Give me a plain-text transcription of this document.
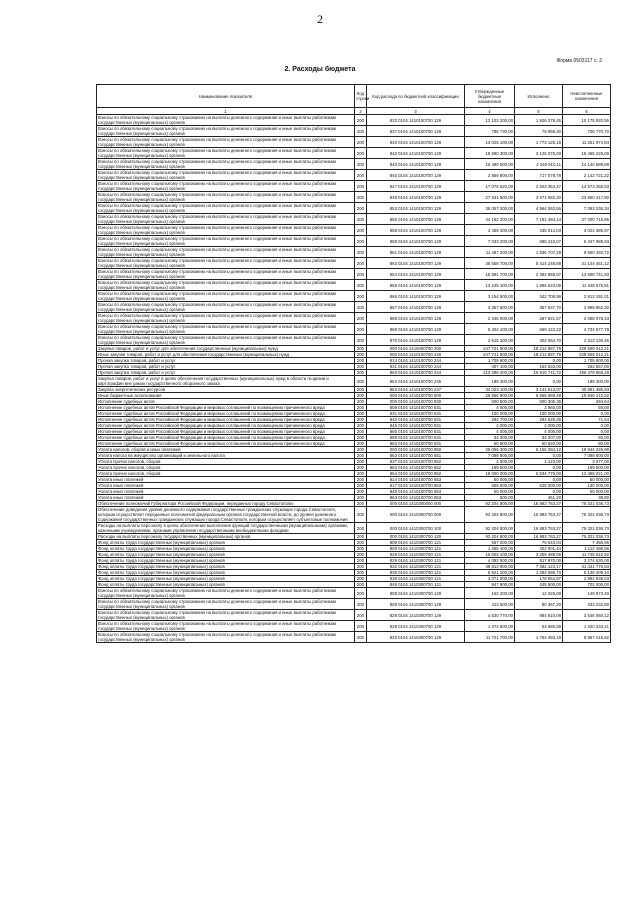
2
Форма 0503117 с. 2
2. Расходы бюджета
Наименование показателя	Код строки	Код расхода по бюджетной классификации	Утвержденные бюджетные назначения	Исполнено	Неисполненные назначения
1	2	3	4	5	6
Взносы по обязательному социальному страхованию на выплаты денежного содержания и иные выплаты работникам государственных (муниципальных) органов	200	833 0104 1410100700 129	12 102 200,00	1 926 279,45	10 175 920,55
Взносы по обязательному социальному страхованию на выплаты денежного содержания и иные выплаты работникам государственных (муниципальных) органов	200	837 0104 1410100700 129	786 730,00	79 959,30	706 770,70
Взносы по обязательному социальному страхованию на выплаты денежного содержания и иные выплаты работникам государственных (муниципальных) органов	200	840 0104 1410100700 129	13 025 100,00	1 773 125,16	11 251 974,84
Взносы по обязательному социальному страхованию на выплаты денежного содержания и иные выплаты работникам государственных (муниципальных) органов	200	842 0104 1410100700 129	18 590 300,00	3 125 075,00	15 465 225,00
Взносы по обязательному социальному страхованию на выплаты денежного содержания и иные выплаты работникам государственных (муниципальных) органов	200	843 0104 1410100700 129	16 490 600,00	2 349 910,11	14 140 689,89
Взносы по обязательному социальному страхованию на выплаты денежного содержания и иные выплаты работникам государственных (муниципальных) органов	200	846 0104 1410100700 129	2 859 800,00	717 078,78	2 142 721,22
Взносы по обязательному социальному страхованию на выплаты денежного содержания и иные выплаты работникам государственных (муниципальных) органов	200	847 0104 1410100700 129	17 076 620,00	2 503 354,47	14 573 265,53
Взносы по обязательному социальному страхованию на выплаты денежного содержания и иные выплаты работникам государственных (муниципальных) органов	200	848 0104 1410100700 129	27 531 500,00	3 671 082,20	23 860 417,80
Взносы по обязательному социальному страхованию на выплаты денежного содержания и иные выплаты работникам государственных (муниципальных) органов	200	853 0104 1410100700 129	35 057 300,00	4 964 063,66	7 093 236,34
Взносы по обязательному социальному страхованию на выплаты денежного содержания и иные выплаты работникам государственных (муниципальных) органов	200	855 0104 1410100700 129	44 192 200,00	7 191 484,14	37 000 715,86
Взносы по обязательному социальному страхованию на выплаты денежного содержания и иные выплаты работникам государственных (муниципальных) органов	200	858 0104 1410100700 129	3 459 400,00	435 014,03	3 024 385,97
Взносы по обязательному социальному страхованию на выплаты денежного содержания и иные выплаты работникам государственных (муниципальных) органов	200	859 0104 1410100700 129	7 033 200,00	585 210,07	6 447 989,93
Взносы по обязательному социальному страхованию на выплаты денежного содержания и иные выплаты работникам государственных (муниципальных) органов	200	861 0104 1410100700 129	11 487 200,00	1 836 707,28	9 650 492,72
Взносы по обязательному социальному страхованию на выплаты денежного содержания и иные выплаты работникам государственных (муниципальных) органов	200	863 0104 1410100700 129	36 558 700,00	5 414 248,88	31 144 451,12
Взносы по обязательному социальному страхованию на выплаты денежного содержания и иные выплаты работникам государственных (муниципальных) органов	200	864 0104 1410100700 129	15 891 700,00	2 382 958,07	13 508 741,93
Взносы по обязательному социальному страхованию на выплаты денежного содержания и иные выплаты работникам государственных (муниципальных) органов	200	865 0104 1410100700 129	13 245 100,00	1 896 523,09	11 348 576,91
Взносы по обязательному социальному страхованию на выплаты денежного содержания и иные выплаты работникам государственных (муниципальных) органов	200	866 0104 1410100700 129	3 154 900,00	342 708,99	2 812 191,01
Взносы по обязательному социальному страхованию на выплаты денежного содержания и иные выплаты работникам государственных (муниципальных) органов	200	867 0104 1410100700 129	3 357 600,00	357 637,70	2 999 962,30
Взносы по обязательному социальному страхованию на выплаты денежного содержания и иные выплаты работникам государственных (муниципальных) органов	200	868 0104 1410100700 129	2 346 000,00	287 921,57	2 058 078,43
Взносы по обязательному социальному страхованию на выплаты денежного содержания и иные выплаты работникам государственных (муниципальных) органов	200	869 0104 1410100700 129	5 404 100,00	669 422,22	4 734 677,78
Взносы по обязательному социальному страхованию на выплаты денежного содержания и иные выплаты работникам государственных (муниципальных) органов	200	870 0104 1410100700 129	2 615 300,00	302 064,70	2 313 135,46
Закупка товаров, работ и услуг для обеспечения государственных (муниципальных) нужд	200	000 0104 1415000700 200	247 721 900,00	18 212 887,79	229 509 012,21
Иные закупки товаров, работ и услуг для обеспечения государственных (муниципальных) нужд	200	000 0104 1410100700 240	247 721 900,00	18 212 887,79	229 509 012,21
Прочая закупка товаров, работ и услуг	200	814 0104 1410100700 244	1 705 900,00	0,00	1 705 900,00
Прочая закупка товаров, работ и услуг	200	831 0104 1410100700 244	407 100,00	154 533,00	252 567,00
Прочая закупка товаров, работ и услуг	200	863 0104 1410100700 244	213 396 400,00	16 916 741,72	196 479 658,28
Закупка товаров, работ и услуг в целях обеспечения государственных (муниципальных) нужд в области геодезии и картографии вне рамок государственного оборонного заказа	200	863 0104 1410100700 245	189 400,00	0,00	189 400,00
Закупка энергетических ресурсов	200	863 0104 1410100700 247	34 023 100,00	3 141 613,07	30 881 486,93
Иные бюджетные ассигнования	200	000 0104 1410100700 800	26 556 900,00	6 656 689,48	19 946 210,52
Исполнение судебных актов	200	000 0104 1410100700 830	500 600,00	500 305,36	294,64
Исполнение судебных актов Российской Федерации и мировых соглашений по возмещению причиненного вреда	200	808 0104 1410100700 831	4 000,00	3 960,00	50,00
Исполнение судебных актов Российской Федерации и мировых соглашений по возмещению причиненного вреда	200	831 0104 1410100700 831	100 000,00	100 000,00	0,00
Исполнение судебных актов Российской Федерации и мировых соглашений по возмещению причиненного вреда	200	840 0104 1410100700 831	294 700,00	294 628,36	71,64
Исполнение судебных актов Российской Федерации и мировых соглашений по возмещению причиненного вреда	200	845 0104 1410100700 831	3 000,00	3 000,00	0,00
Исполнение судебных актов Российской Федерации и мировых соглашений по возмещению причиненного вреда	200	855 0104 1410100700 831	4 000,00	4 000,00	0,00
Исполнение судебных актов Российской Федерации и мировых соглашений по возмещению причиненного вреда	200	859 0104 1410100700 831	34 300,00	34 207,00	93,00
Исполнение судебных актов Российской Федерации и мировых соглашений по возмещению причиненного вреда	200	863 0104 1410100700 831	60 600,00	60 520,00	80,00
Уплата налогов, сборов и иных платежей	200	000 0104 1410100700 850	26 056 300,00	6 156 384,12	19 944 226,98
Уплата налога на имущество организаций и земельного налога	200	863 0104 1410100700 851	7 098 800,00	0,00	7 098 800,00
Уплата прочих налогов, сборов	200	837 0104 1410100700 852	4 500,00	1 123,00	3 377,00
Уплата прочих налогов, сборов	200	863 0104 1410100700 852	199 500,00	0,00	199 500,00
Уплата прочих налогов, сборов	200	864 0104 1410100700 852	18 000 000,00	6 534 779,00	12 465 221,00
Уплата иных платежей	200	814 0104 1410100700 853	50 000,00	0,00	50 000,00
Уплата иных платежей	200	817 0104 1410100700 853	655 000,00	525 000,00	130 000,00
Уплата иных платежей	200	849 0104 1410100700 853	50 000,00	0,00	50 000,00
Уплата иных платежей	200	863 0104 1410100700 853	500,00	461,20	38,80
Обеспечение полномочий Губернатора Российской Федерации, переданных городу Севастополю	200	000 0104 1410300000 000	92 204 800,00	16 883 763,27	75 321 036,73
Обеспечение доведения уровня денежного содержания государственных гражданских служащих города Севастополя, которым осуществляет переданные полномочия федеральным органов государственной власти, до уровня денежного содержания государственных гражданских служащих города Севастополя, которым осуществляет субъектовые полномочия	200	000 0104 1410300700 000	92 204 800,00	16 883 763,27	75 321 036,73
Расходы на выплаты персоналу в целях обеспечения выполнения функций государственными (муниципальными) органами, казенными учреждениями, органами управления государственными внебюджетными фондами	200	000 0104 1410300700 100	92 204 800,00	16 883 763,27	75 321 036,73
Расходы на выплаты персоналу государственных (муниципальных) органов	200	000 0104 1410300700 120	92 204 800,00	16 883 763,27	75 321 036,73
Фонд оплаты труда государственных (муниципальных) органов	200	808 0104 1410300700 121	557 000,00	79 543,04	7 456,96
Фонд оплаты труда государственных (муниципальных) органов	200	809 0104 1410300700 121	1 365 400,00	252 901,44	1 112 498,56
Фонд оплаты труда государственных (муниципальных) органов	200	828 0104 1410300700 121	15 002 100,00	3 256 489,08	11 745 610,92
Фонд оплаты труда государственных (муниципальных) органов	200	829 0104 1410300700 121	4 092 500,00	817 870,00	3 274 630,00
Фонд оплаты труда государственных (муниципальных) органов	200	832 0104 1410300700 121	38 813 900,00	7 382 123,17	31 431 776,83
Фонд оплаты труда государственных (муниципальных) органов	200	835 0104 1410300700 121	6 521 200,00	1 382 696,70	5 138 409,10
Фонд оплаты труда государственных (муниципальных) органов	200	838 0104 1410300700 121	3 071 000,00	178 064,97	2 892 935,03
Фонд оплаты труда государственных (муниципальных) органов	200	848 0104 1410300700 121	947 900,00	245 900,00	702 000,00
Взносы по обязательному социальному страхованию на выплаты денежного содержания и иные выплаты работникам государственных (муниципальных) органов	200	808 0104 1410300700 129	162 200,00	12 326,00	149 873,40
Взносы по обязательному социальному страхованию на выплаты денежного содержания и иные выплаты работникам государственных (муниципальных) органов	200	809 0104 1410300700 129	413 600,00	80 367,20	333 232,80
Взносы по обязательному социальному страхованию на выплаты денежного содержания и иные выплаты работникам государственных (муниципальных) органов	200	828 0104 1410300700 129	4 530 770,00	984 610,08	3 546 060,12
Взносы по обязательному социальному страхованию на выплаты денежного содержания и иные выплаты работникам государственных (муниципальных) органов	200	829 0104 1410300700 129	1 374 800,00	54 566,59	1 320 233,41
Взносы по обязательному социальному страхованию на выплаты денежного содержания и иные выплаты работникам государственных (муниципальных) органов	200	832 0104 1410300700 129	11 721 700,00	1 754 483,18	9 967 216,82
